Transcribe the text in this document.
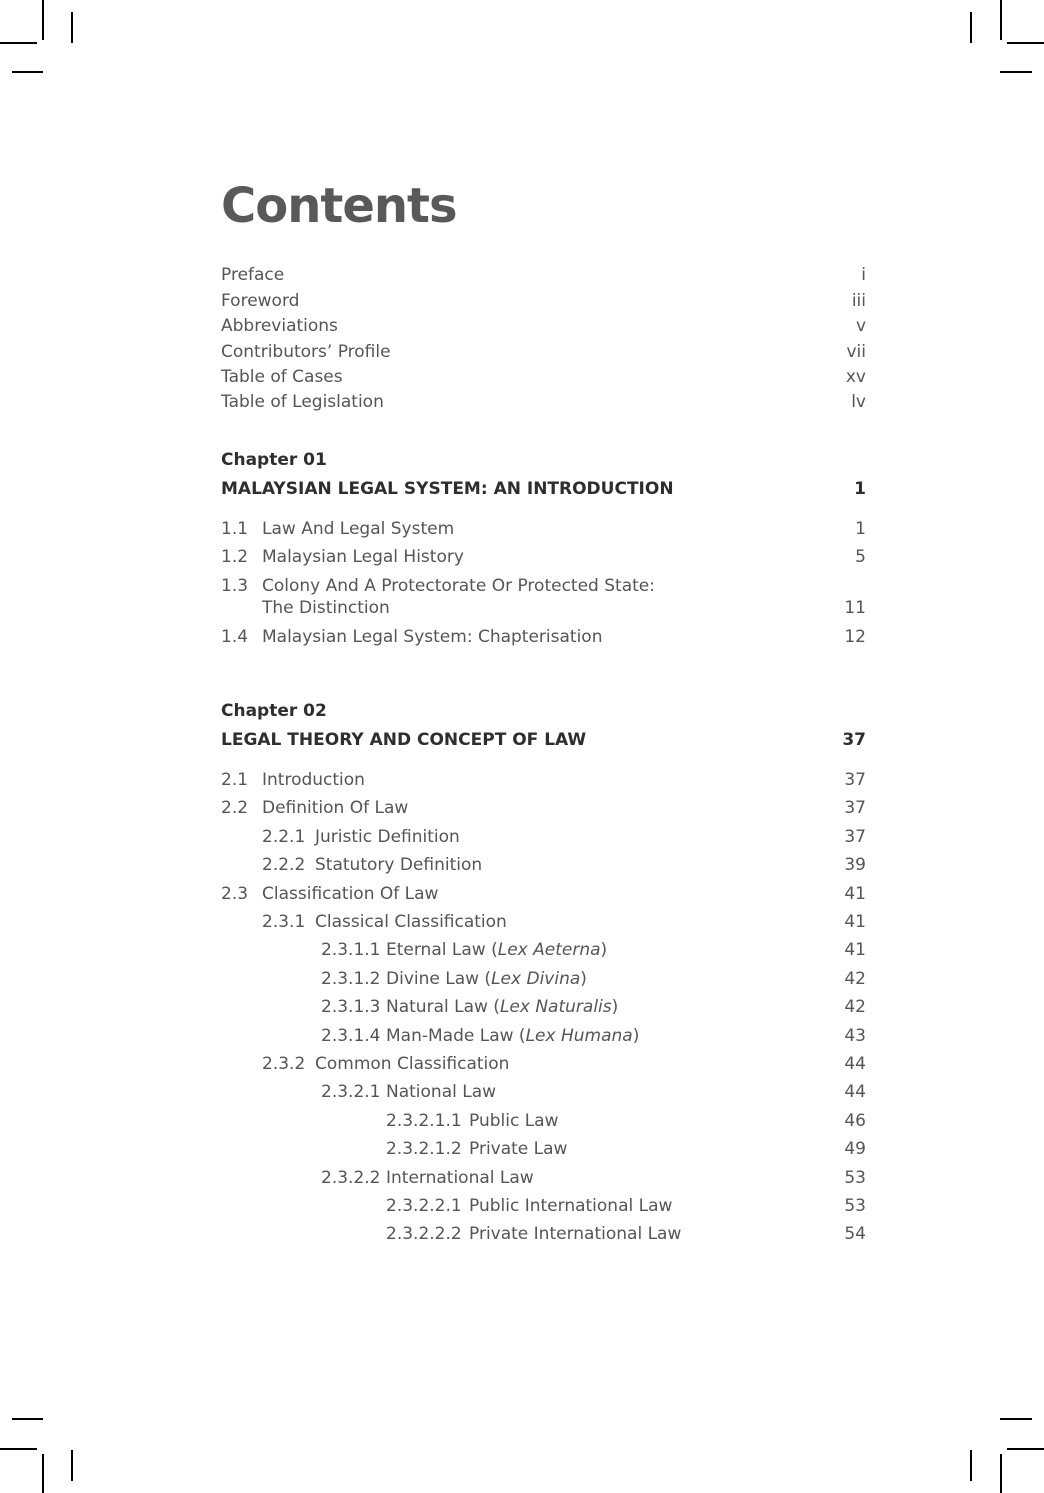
Contents
Preface	i
Foreword	iii
Abbreviations	v
Contributors’ Profile	vii
Table of Cases	xv
Table of Legislation	lv
Chapter 01
MALAYSIAN LEGAL SYSTEM: AN INTRODUCTION	1
1.1 Law And Legal System	1
1.2 Malaysian Legal History	5
1.3 Colony And A Protectorate Or Protected State:
The Distinction	11
1.4 Malaysian Legal System: Chapterisation	12
Chapter 02
LEGAL THEORY AND CONCEPT OF LAW	37
2.1 Introduction	37
2.2 Definition Of Law	37
2.2.1 Juristic Definition	37
2.2.2 Statutory Definition	39
2.3 Classification Of Law	41
2.3.1 Classical Classification	41
2.3.1.1 Eternal Law (Lex Aeterna)	41
2.3.1.2 Divine Law (Lex Divina)	42
2.3.1.3 Natural Law (Lex Naturalis)	42
2.3.1.4 Man-Made Law (Lex Humana)	43
2.3.2 Common Classification	44
2.3.2.1 National Law	44
2.3.2.1.1 Public Law	46
2.3.2.1.2 Private Law	49
2.3.2.2 International Law	53
2.3.2.2.1 Public International Law	53
2.3.2.2.2 Private International Law	54
